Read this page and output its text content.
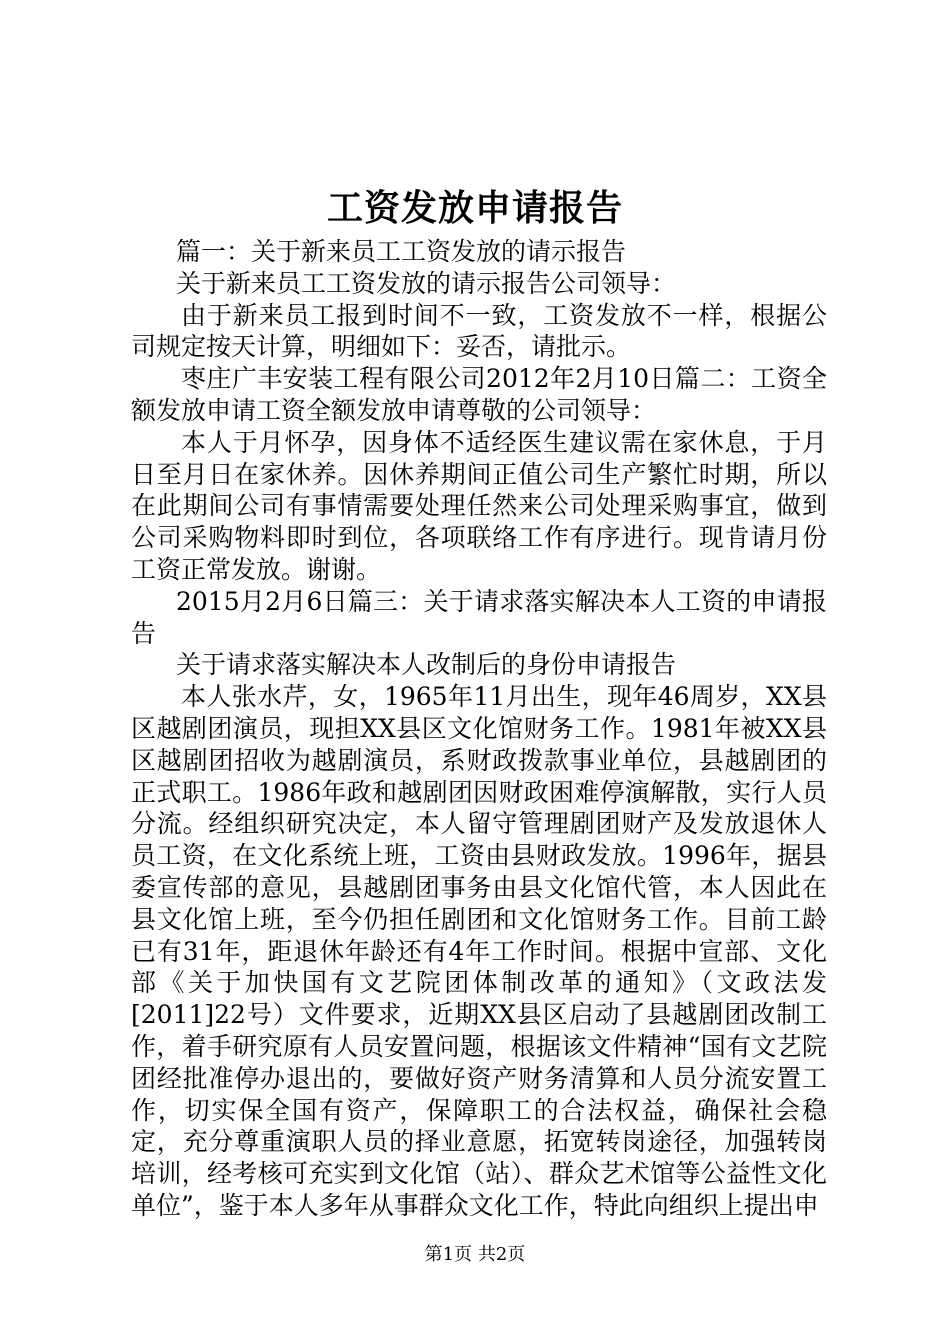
工资发放申请报告

篇一：关于新来员工工资发放的请示报告

关于新来员工工资发放的请示报告公司领导：

由于新来员工报到时间不一致，工资发放不一样，根据公司规定按天计算，明细如下：妥否，请批示。

枣庄广丰安装工程有限公司2012年2月10日篇二：工资全额发放申请工资全额发放申请尊敬的公司领导：

本人于月怀孕，因身体不适经医生建议需在家休息，于月日至月日在家休养。因休养期间正值公司生产繁忙时期，所以在此期间公司有事情需要处理任然来公司处理采购事宜，做到公司采购物料即时到位，各项联络工作有序进行。现肯请月份工资正常发放。谢谢。

2015月2月6日篇三：关于请求落实解决本人工资的申请报告

关于请求落实解决本人改制后的身份申请报告

本人张水芹，女，1965年11月出生，现年46周岁，XX县区越剧团演员，现担XX县区文化馆财务工作。1981年被XX县区越剧团招收为越剧演员，系财政拨款事业单位，县越剧团的正式职工。1986年政和越剧团因财政困难停演解散，实行人员分流。经组织研究决定，本人留守管理剧团财产及发放退休人员工资，在文化系统上班，工资由县财政发放。1996年，据县委宣传部的意见，县越剧团事务由县文化馆代管，本人因此在县文化馆上班，至今仍担任剧团和文化馆财务工作。目前工龄已有31年，距退休年龄还有4年工作时间。根据中宣部、文化部《关于加快国有文艺院团体制改革的通知》（文政法发[2011]22号）文件要求，近期XX县区启动了县越剧团改制工作，着手研究原有人员安置问题，根据该文件精神“国有文艺院团经批准停办退出的，要做好资产财务清算和人员分流安置工作，切实保全国有资产，保障职工的合法权益，确保社会稳定，充分尊重演职人员的择业意愿，拓宽转岗途径，加强转岗培训，经考核可充实到文化馆（站）、群众艺术馆等公益性文化单位”，鉴于本人多年从事群众文化工作，特此向组织上提出申

第1页 共2页
